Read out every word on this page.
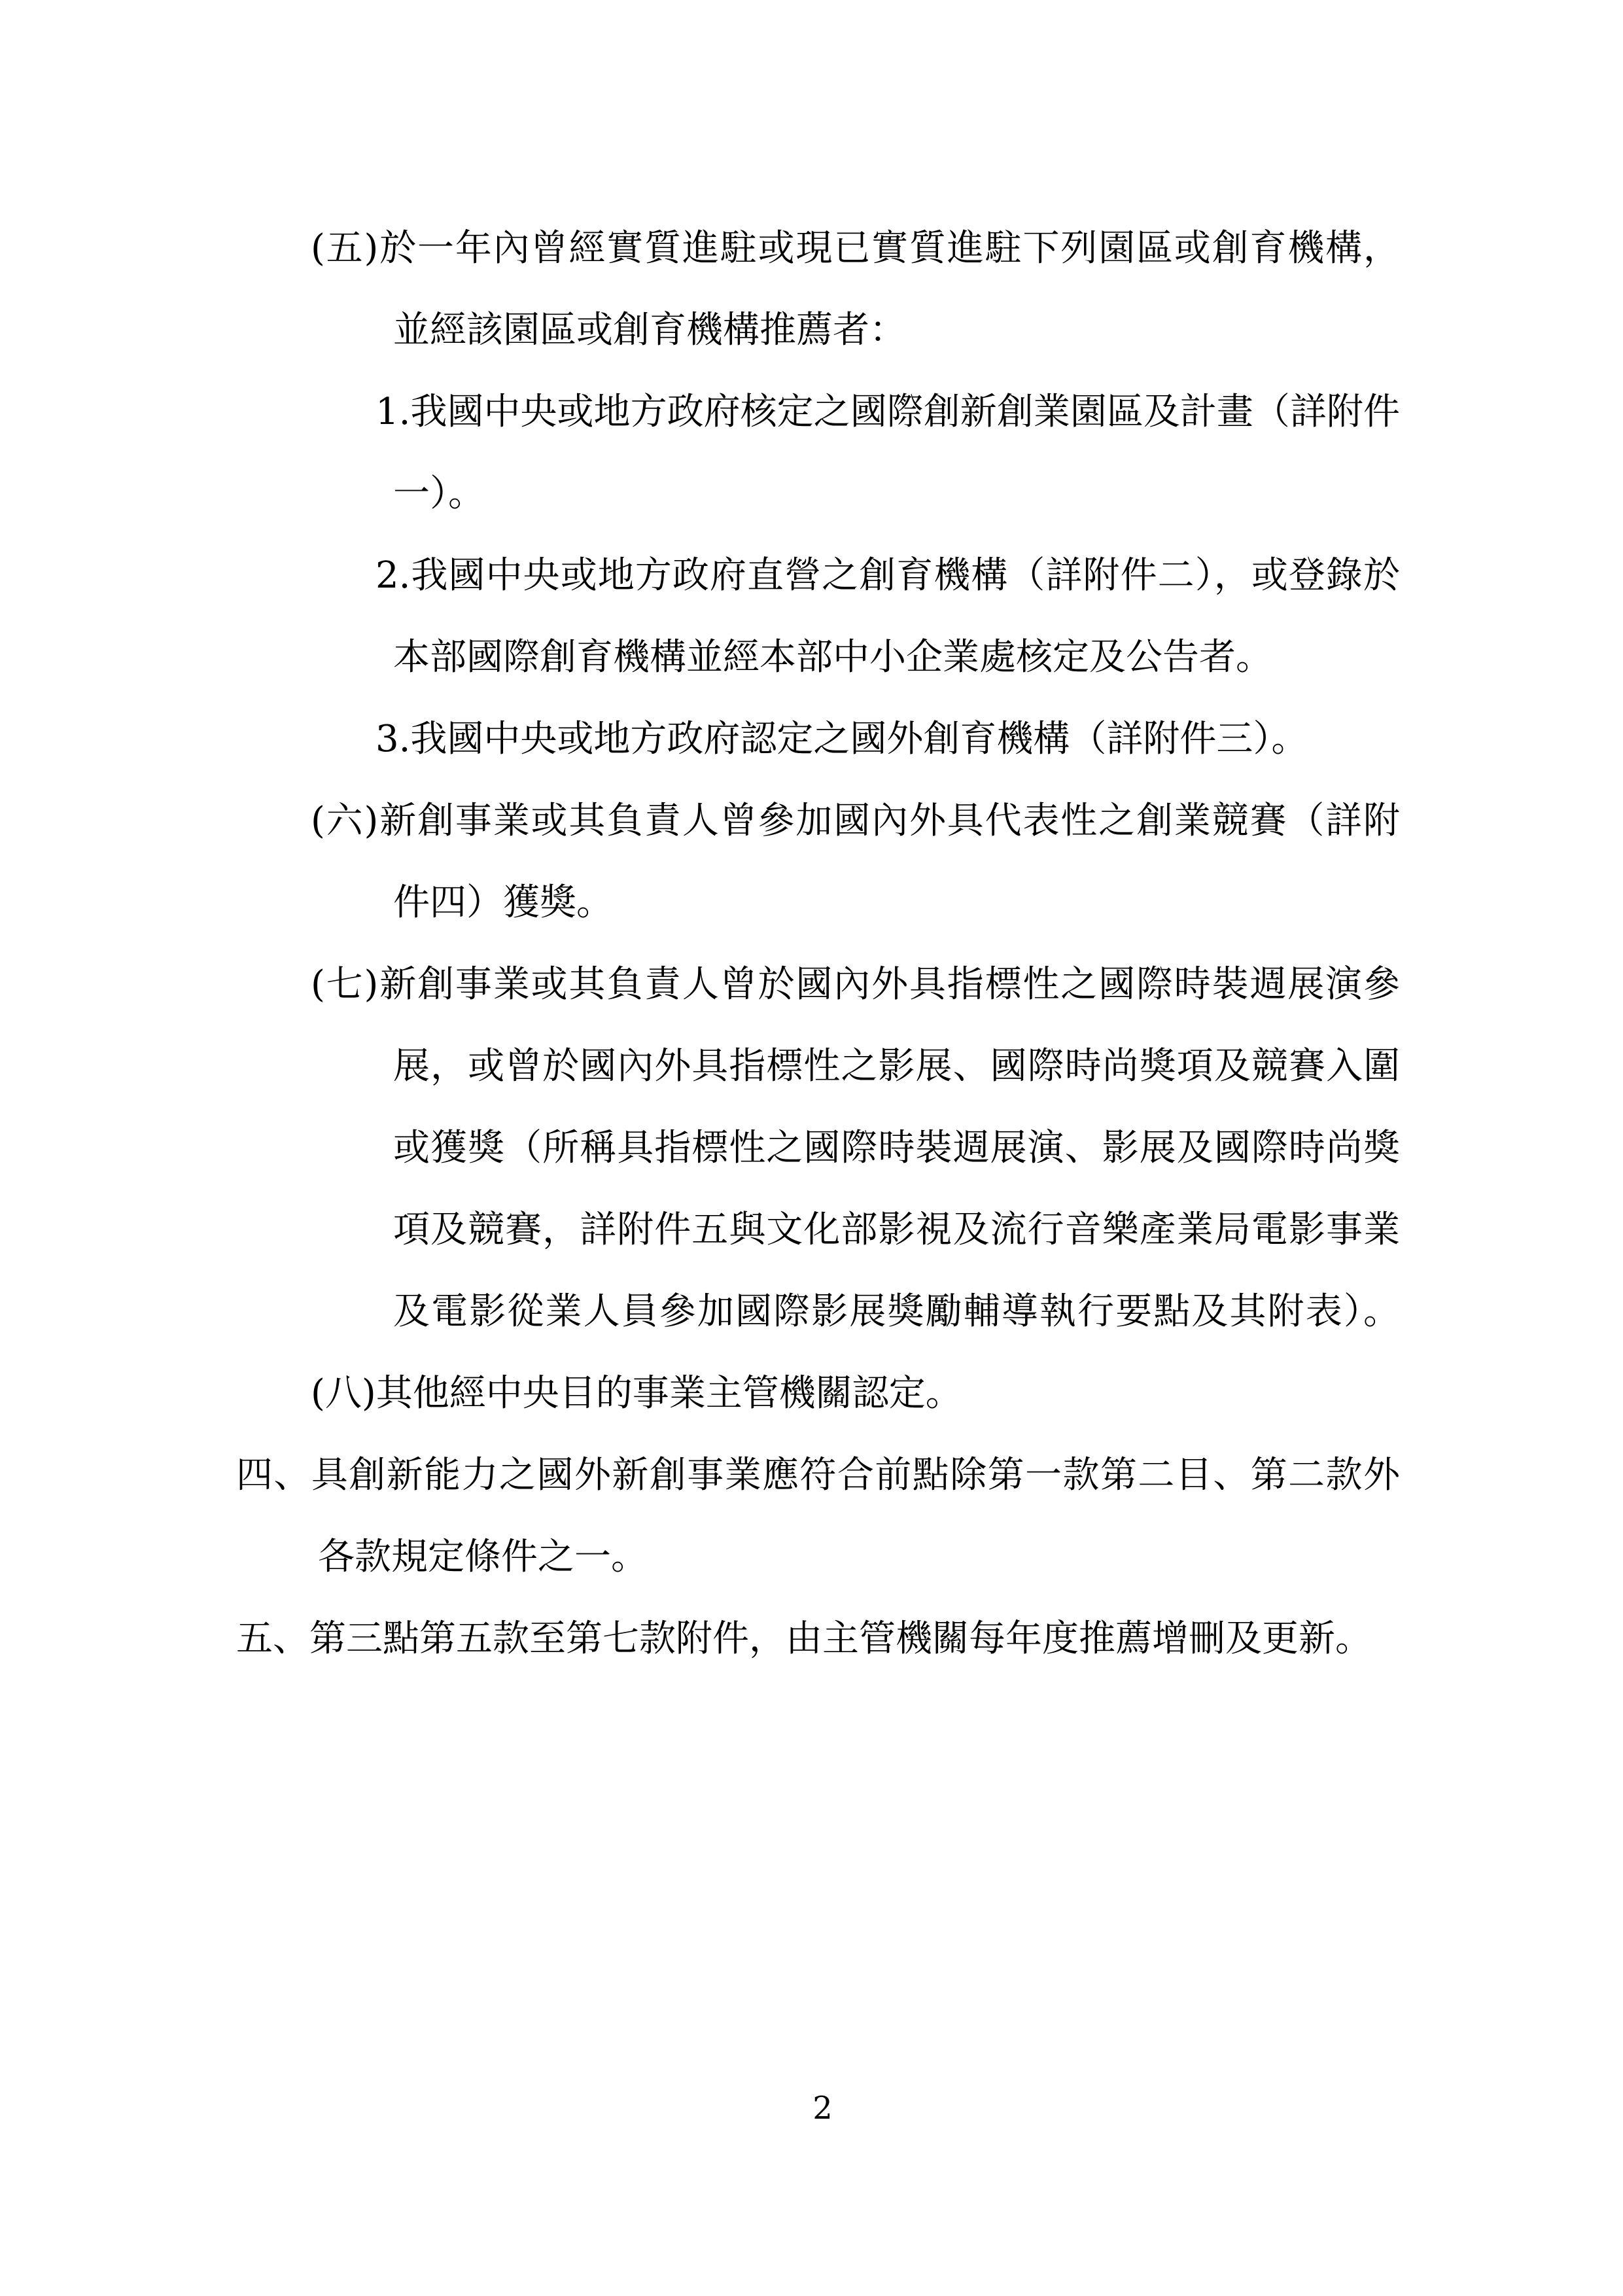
2
(五)於一年內曾經實質進駐或現已實質進駐下列園區或創育機構，
並經該園區或創育機構推薦者：
1.我國中央或地方政府核定之國際創新創業園區及計畫（詳附件
一）。
2.我國中央或地方政府直營之創育機構（詳附件二），或登錄於
本部國際創育機構並經本部中小企業處核定及公告者。
3.我國中央或地方政府認定之國外創育機構（詳附件三）。
(六)新創事業或其負責人曾參加國內外具代表性之創業競賽（詳附
件四）獲獎。
(七)新創事業或其負責人曾於國內外具指標性之國際時裝週展演參
展，或曾於國內外具指標性之影展、國際時尚獎項及競賽入圍
或獲獎（所稱具指標性之國際時裝週展演、影展及國際時尚獎
項及競賽，詳附件五與文化部影視及流行音樂產業局電影事業
及電影從業人員參加國際影展獎勵輔導執行要點及其附表）。
(八)其他經中央目的事業主管機關認定。
四、具創新能力之國外新創事業應符合前點除第一款第二目、第二款外
各款規定條件之一。
五、第三點第五款至第七款附件，由主管機關每年度推薦增刪及更新。
